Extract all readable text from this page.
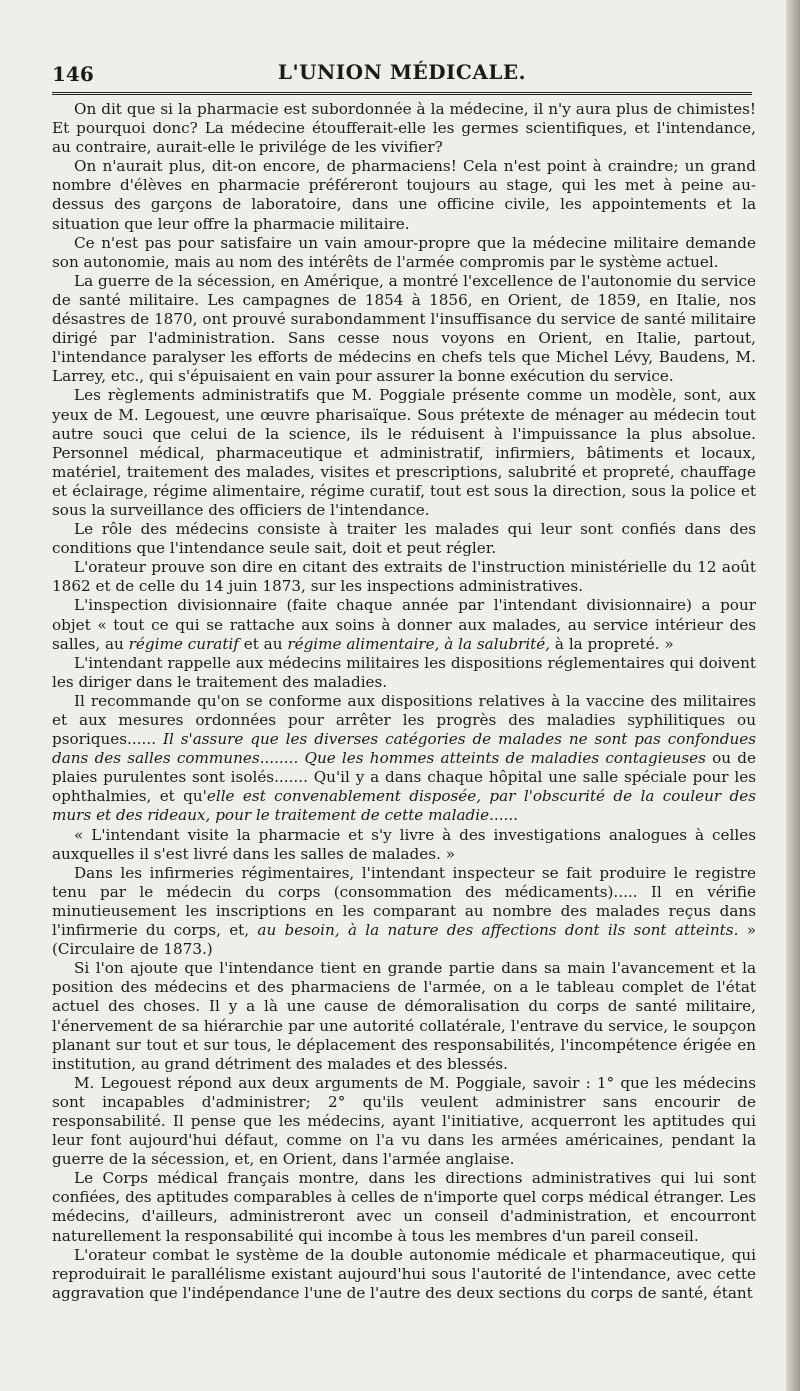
146	L'UNION MÉDICALE.

On dit que si la pharmacie est subordonnée à la médecine, il n'y aura plus de chimistes! Et pourquoi donc? La médecine étoufferait-elle les germes scientifiques, et l'intendance, au contraire, aurait-elle le privilége de les vivifier?

On n'aurait plus, dit-on encore, de pharmaciens! Cela n'est point à craindre; un grand nombre d'élèves en pharmacie préféreront toujours au stage, qui les met à peine au-dessus des garçons de laboratoire, dans une officine civile, les appointements et la situation que leur offre la pharmacie militaire.

Ce n'est pas pour satisfaire un vain amour-propre que la médecine militaire demande son autonomie, mais au nom des intérêts de l'armée compromis par le système actuel.

La guerre de la sécession, en Amérique, a montré l'excellence de l'autonomie du service de santé militaire. Les campagnes de 1854 à 1856, en Orient, de 1859, en Italie, nos désastres de 1870, ont prouvé surabondamment l'insuffisance du service de santé militaire dirigé par l'administration. Sans cesse nous voyons en Orient, en Italie, partout, l'intendance paralyser les efforts de médecins en chefs tels que Michel Lévy, Baudens, M. Larrey, etc., qui s'épuisaient en vain pour assurer la bonne exécution du service.

Les règlements administratifs que M. Poggiale présente comme un modèle, sont, aux yeux de M. Legouest, une œuvre pharisaïque. Sous prétexte de ménager au médecin tout autre souci que celui de la science, ils le réduisent à l'impuissance la plus absolue. Personnel médical, pharmaceutique et administratif, infirmiers, bâtiments et locaux, matériel, traitement des malades, visites et prescriptions, salubrité et propreté, chauffage et éclairage, régime alimentaire, régime curatif, tout est sous la direction, sous la police et sous la surveillance des officiers de l'intendance.

Le rôle des médecins consiste à traiter les malades qui leur sont confiés dans des conditions que l'intendance seule sait, doit et peut régler.

L'orateur prouve son dire en citant des extraits de l'instruction ministérielle du 12 août 1862 et de celle du 14 juin 1873, sur les inspections administratives.

L'inspection divisionnaire (faite chaque année par l'intendant divisionnaire) a pour objet « tout ce qui se rattache aux soins à donner aux malades, au service intérieur des salles, au régime curatif et au régime alimentaire, à la salubrité, à la propreté. »

L'intendant rappelle aux médecins militaires les dispositions réglementaires qui doivent les diriger dans le traitement des maladies.

Il recommande qu'on se conforme aux dispositions relatives à la vaccine des militaires et aux mesures ordonnées pour arrêter les progrès des maladies syphilitiques ou psoriques...... Il s'assure que les diverses catégories de malades ne sont pas confondues dans des salles communes........ Que les hommes atteints de maladies contagieuses ou de plaies purulentes sont isolés....... Qu'il y a dans chaque hôpital une salle spéciale pour les ophthalmies, et qu'elle est convenablement disposée, par l'obscurité de la couleur des murs et des rideaux, pour le traitement de cette maladie......

« L'intendant visite la pharmacie et s'y livre à des investigations analogues à celles auxquelles il s'est livré dans les salles de malades. »

Dans les infirmeries régimentaires, l'intendant inspecteur se fait produire le registre tenu par le médecin du corps (consommation des médicaments)..... Il en vérifie minutieusement les inscriptions en les comparant au nombre des malades reçus dans l'infirmerie du corps, et, au besoin, à la nature des affections dont ils sont atteints. » (Circulaire de 1873.)

Si l'on ajoute que l'intendance tient en grande partie dans sa main l'avancement et la position des médecins et des pharmaciens de l'armée, on a le tableau complet de l'état actuel des choses. Il y a là une cause de démoralisation du corps de santé militaire, l'énervement de sa hiérarchie par une autorité collatérale, l'entrave du service, le soupçon planant sur tout et sur tous, le déplacement des responsabilités, l'incompétence érigée en institution, au grand détriment des malades et des blessés.

M. Legouest répond aux deux arguments de M. Poggiale, savoir : 1° que les médecins sont incapables d'administrer; 2° qu'ils veulent administrer sans encourir de responsabilité. Il pense que les médecins, ayant l'initiative, acquerront les aptitudes qui leur font aujourd'hui défaut, comme on l'a vu dans les armées américaines, pendant la guerre de la sécession, et, en Orient, dans l'armée anglaise.

Le Corps médical français montre, dans les directions administratives qui lui sont confiées, des aptitudes comparables à celles de n'importe quel corps médical étranger. Les médecins, d'ailleurs, administreront avec un conseil d'administration, et encourront naturellement la responsabilité qui incombe à tous les membres d'un pareil conseil.

L'orateur combat le système de la double autonomie médicale et pharmaceutique, qui reproduirait le parallélisme existant aujourd'hui sous l'autorité de l'intendance, avec cette aggravation que l'indépendance l'une de l'autre des deux sections du corps de santé, étant
